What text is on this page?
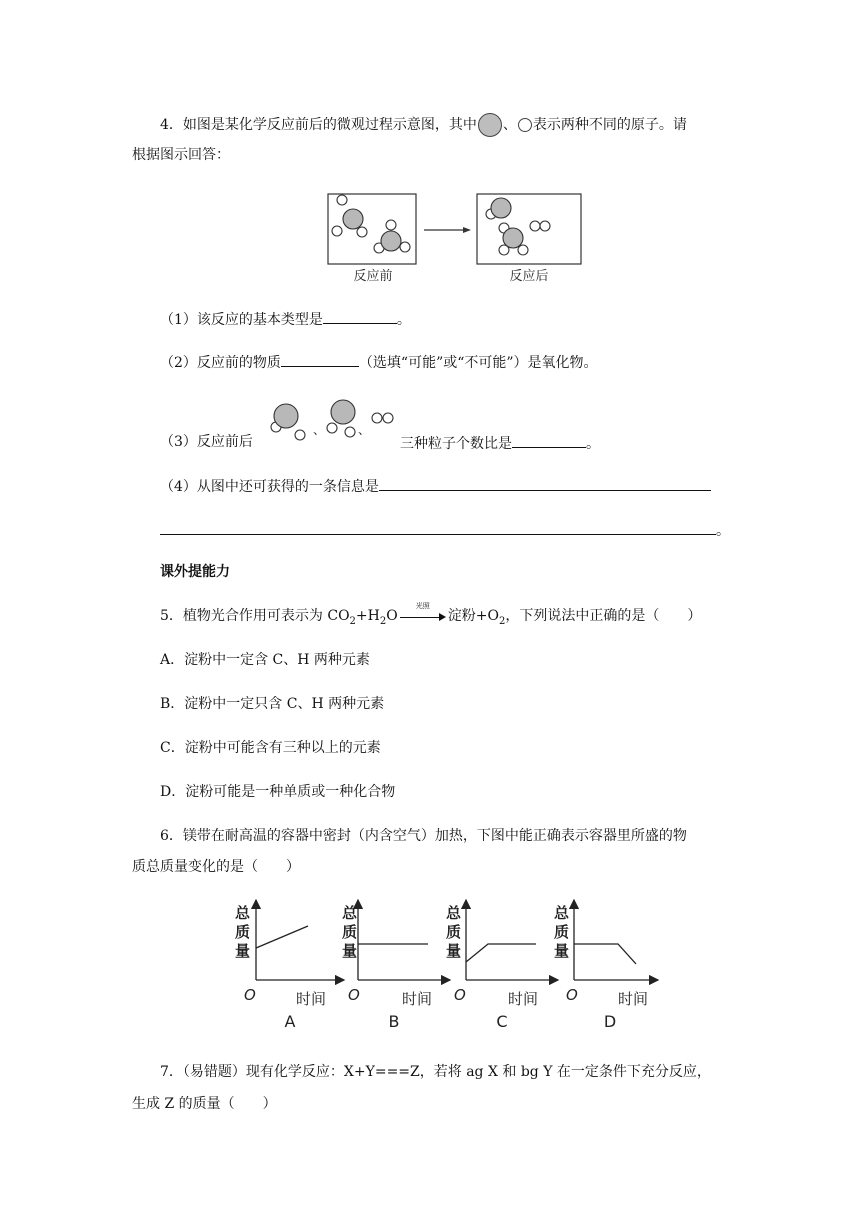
4．如图是某化学反应前后的微观过程示意图，其中 、 表示两种不同的原子。请
根据图示回答：
反应前	反应后
（1）该反应的基本类型是	。
（2）反应前的物质	（选填“可能”或“不可能”）是氧化物。
、	、
（3）反应前后	三种粒子个数比是	。
（4）从图中还可获得的一条信息是
。
课外提能力
5．植物光合作用可表示为 $CO_2+H_2O$
光照
淀粉$+O_2$，下列说法中正确的是（　　）
A．淀粉中一定含 C、H 两种元素
B．淀粉中一定只含 C、H 两种元素
C．淀粉中可能含有三种以上的元素
D．淀粉可能是一种单质或一种化合物
6．镁带在耐高温的容器中密封（内含空气）加热，下图中能正确表示容器里所盛的物
质总质量变化的是（　　）
总
质
量
O	时间
A
总
质
量
O	时间
B
总
质
量
O	时间
C
总
质
量
O	时间
D
7．（易错题）现有化学反应：X+Y===Z，若将 ag X 和 bg Y 在一定条件下充分反应，
生成 Z 的质量（　　）
